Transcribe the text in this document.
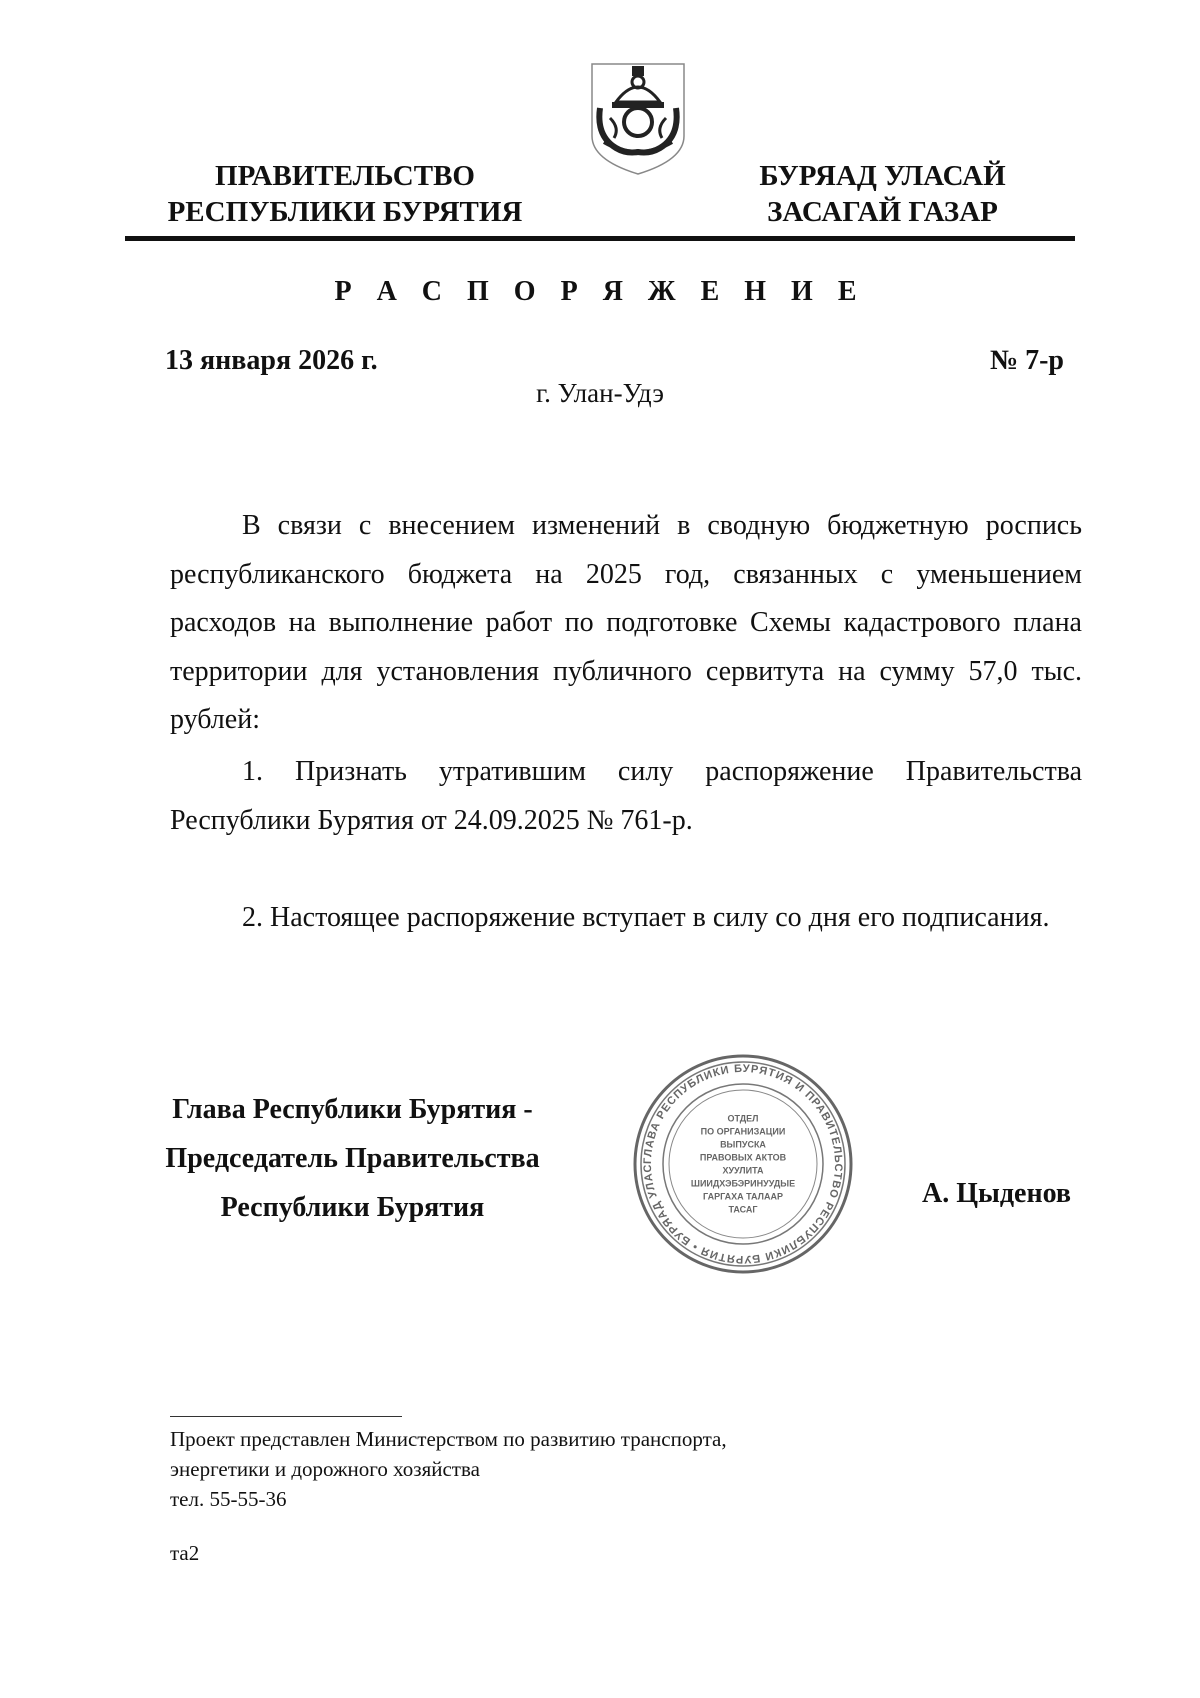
ПРАВИТЕЛЬСТВО
РЕСПУБЛИКИ БУРЯТИЯ
БУРЯАД УЛАСАЙ
ЗАСАГАЙ ГАЗАР
Р А С П О Р Я Ж Е Н И Е
13 января 2026 г.	№ 7-р
г. Улан-Удэ

В связи с внесением изменений в сводную бюджетную роспись республиканского бюджета на 2025 год, связанных с уменьшением расходов на выполнение работ по подготовке Схемы кадастрового плана территории для установления публичного сервитута на сумму 57,0 тыс. рублей:

1. Признать утратившим силу распоряжение Правительства Республики Бурятия от 24.09.2025 № 761-р.

2. Настоящее распоряжение вступает в силу со дня его подписания.

Глава Республики Бурятия -
Председатель Правительства
Республики Бурятия
ГЛАВА РЕСПУБЛИКИ БУРЯТИЯ И ПРАВИТЕЛЬСТВО РЕСПУБЛИКИ БУРЯТИЯ • БУРЯАД УЛАС
ОТДЕЛ
ПО ОРГАНИЗАЦИИ
ВЫПУСКА
ПРАВОВЫХ АКТОВ
ХУУЛИТА
ШИИДХЭБЭРИНУУДЫЕ
ГАРГАХА ТАЛААР
ТАСАГ
А. Цыденов
Проект представлен Министерством по развитию транспорта,
энергетики и дорожного хозяйства
тел. 55-55-36
та2
